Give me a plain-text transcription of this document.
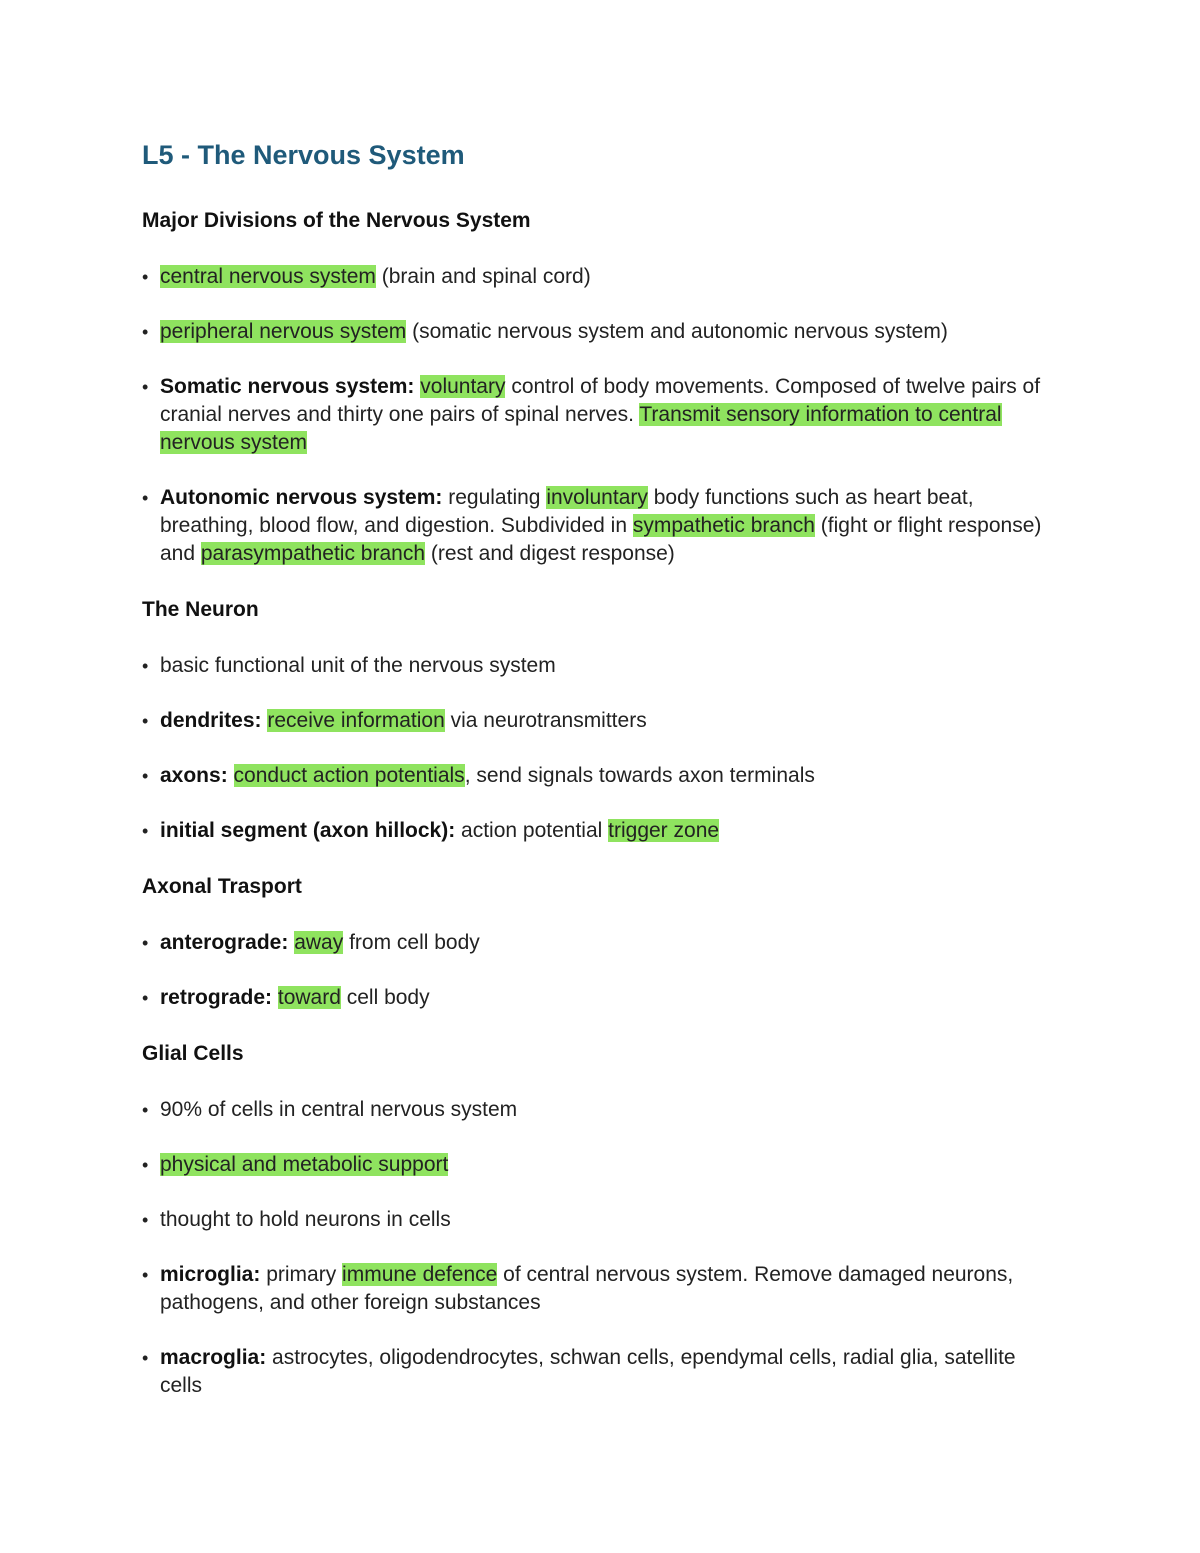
L5 - The Nervous System
Major Divisions of the Nervous System
• central nervous system (brain and spinal cord)
• peripheral nervous system (somatic nervous system and autonomic nervous system)
• Somatic nervous system: voluntary control of body movements. Composed of twelve pairs of cranial nerves and thirty one pairs of spinal nerves. Transmit sensory information to central nervous system
• Autonomic nervous system: regulating involuntary body functions such as heart beat, breathing, blood flow, and digestion. Subdivided in sympathetic branch (fight or flight response) and parasympathetic branch (rest and digest response)
The Neuron
• basic functional unit of the nervous system
• dendrites: receive information via neurotransmitters
• axons: conduct action potentials, send signals towards axon terminals
• initial segment (axon hillock): action potential trigger zone
Axonal Trasport
• anterograde: away from cell body
• retrograde: toward cell body
Glial Cells
• 90% of cells in central nervous system
• physical and metabolic support
• thought to hold neurons in cells
• microglia: primary immune defence of central nervous system. Remove damaged neurons, pathogens, and other foreign substances
• macroglia: astrocytes, oligodendrocytes, schwan cells, ependymal cells, radial glia, satellite cells
